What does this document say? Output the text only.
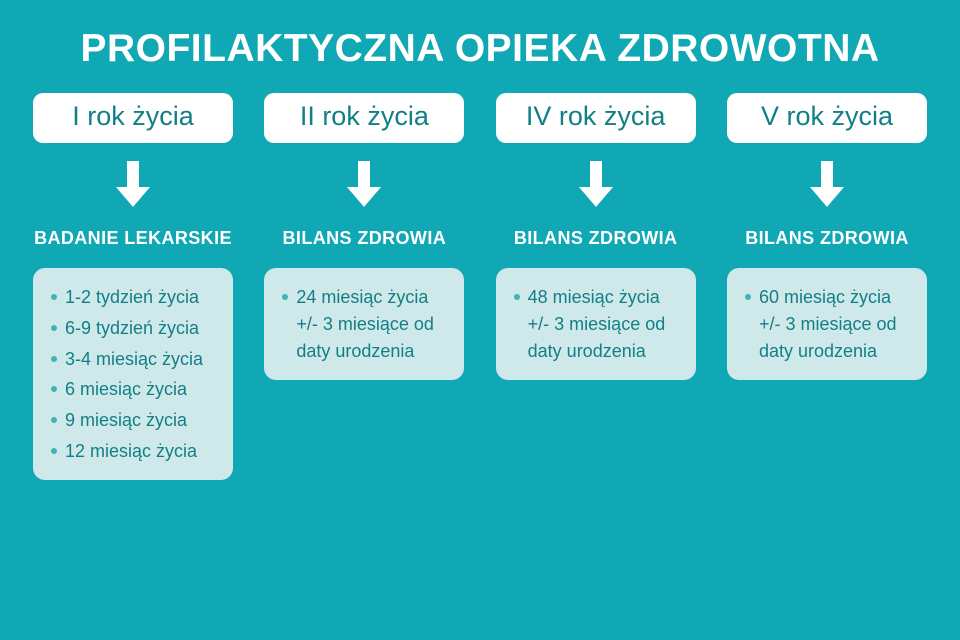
PROFILAKTYCZNA OPIEKA ZDROWOTNA
I rok życia
BADANIE LEKARSKIE
1-2 tydzień życia
6-9 tydzień życia
3-4 miesiąc życia
6 miesiąc życia
9 miesiąc życia
12 miesiąc życia
II rok życia
BILANS ZDROWIA
24 miesiąc życia +/- 3 miesiące od daty urodzenia
IV rok życia
BILANS ZDROWIA
48 miesiąc życia +/- 3 miesiące od daty urodzenia
V rok życia
BILANS ZDROWIA
60 miesiąc życia +/- 3 miesiące od daty urodzenia
